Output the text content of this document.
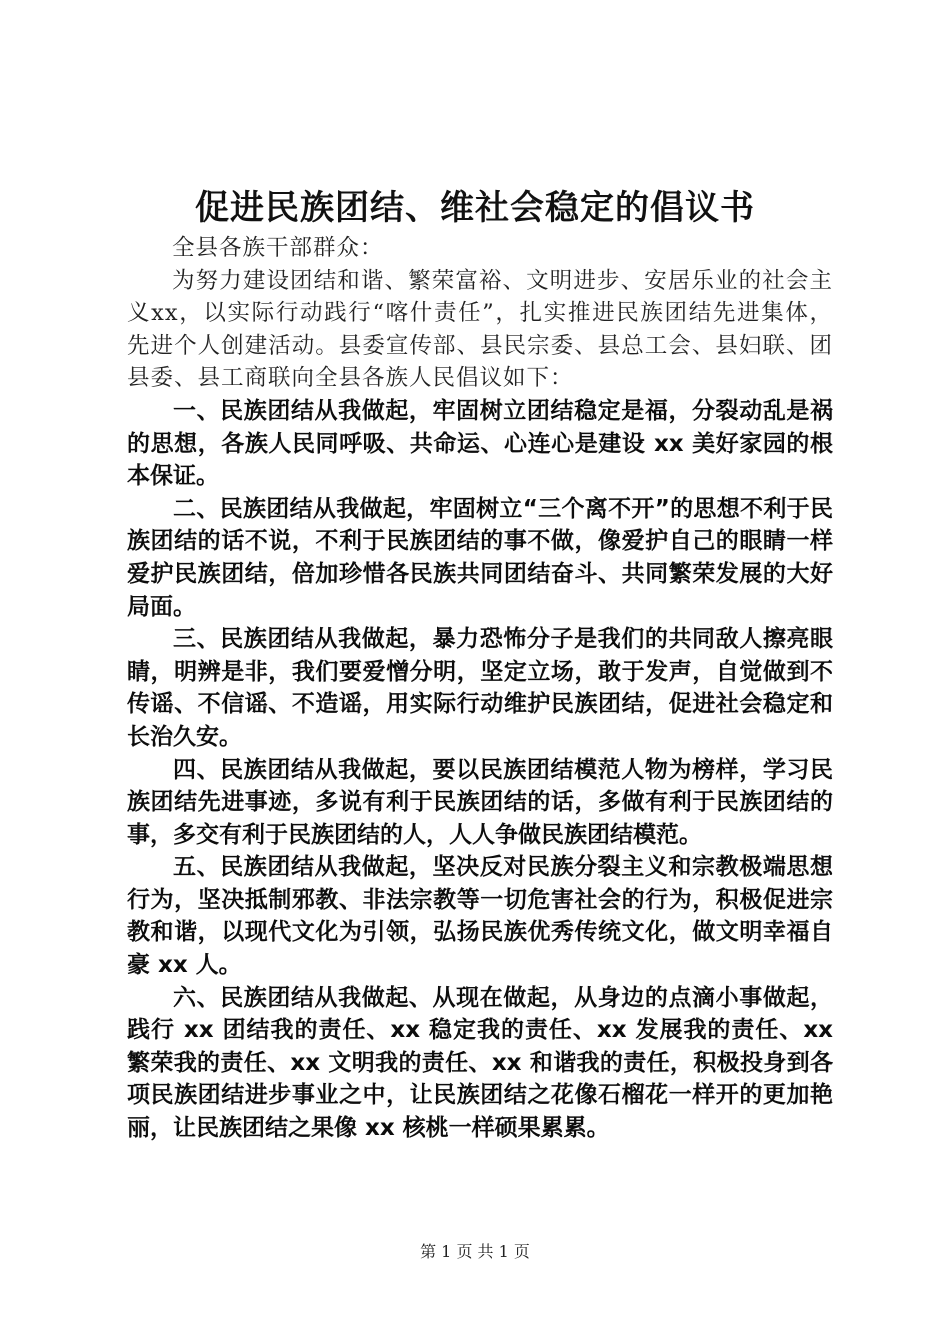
促进民族团结、维社会稳定的倡议书

全县各族干部群众：

为努力建设团结和谐、繁荣富裕、文明进步、安居乐业的社会主义xx，以实际行动践行“喀什责任”，扎实推进民族团结先进集体，先进个人创建活动。县委宣传部、县民宗委、县总工会、县妇联、团县委、县工商联向全县各族人民倡议如下：

一、民族团结从我做起，牢固树立团结稳定是福，分裂动乱是祸的思想，各族人民同呼吸、共命运、心连心是建设 xx 美好家园的根本保证。

二、民族团结从我做起，牢固树立“三个离不开”的思想不利于民族团结的话不说，不利于民族团结的事不做，像爱护自己的眼睛一样爱护民族团结，倍加珍惜各民族共同团结奋斗、共同繁荣发展的大好局面。

三、民族团结从我做起，暴力恐怖分子是我们的共同敌人擦亮眼睛，明辨是非，我们要爱憎分明，坚定立场，敢于发声，自觉做到不传谣、不信谣、不造谣，用实际行动维护民族团结，促进社会稳定和长治久安。

四、民族团结从我做起，要以民族团结模范人物为榜样，学习民族团结先进事迹，多说有利于民族团结的话，多做有利于民族团结的事，多交有利于民族团结的人，人人争做民族团结模范。

五、民族团结从我做起，坚决反对民族分裂主义和宗教极端思想行为，坚决抵制邪教、非法宗教等一切危害社会的行为，积极促进宗教和谐，以现代文化为引领，弘扬民族优秀传统文化，做文明幸福自豪 xx 人。

六、民族团结从我做起、从现在做起，从身边的点滴小事做起，践行 xx 团结我的责任、xx 稳定我的责任、xx 发展我的责任、xx 繁荣我的责任、xx 文明我的责任、xx 和谐我的责任，积极投身到各项民族团结进步事业之中，让民族团结之花像石榴花一样开的更加艳丽，让民族团结之果像 xx 核桃一样硕果累累。

第 1 页 共 1 页
